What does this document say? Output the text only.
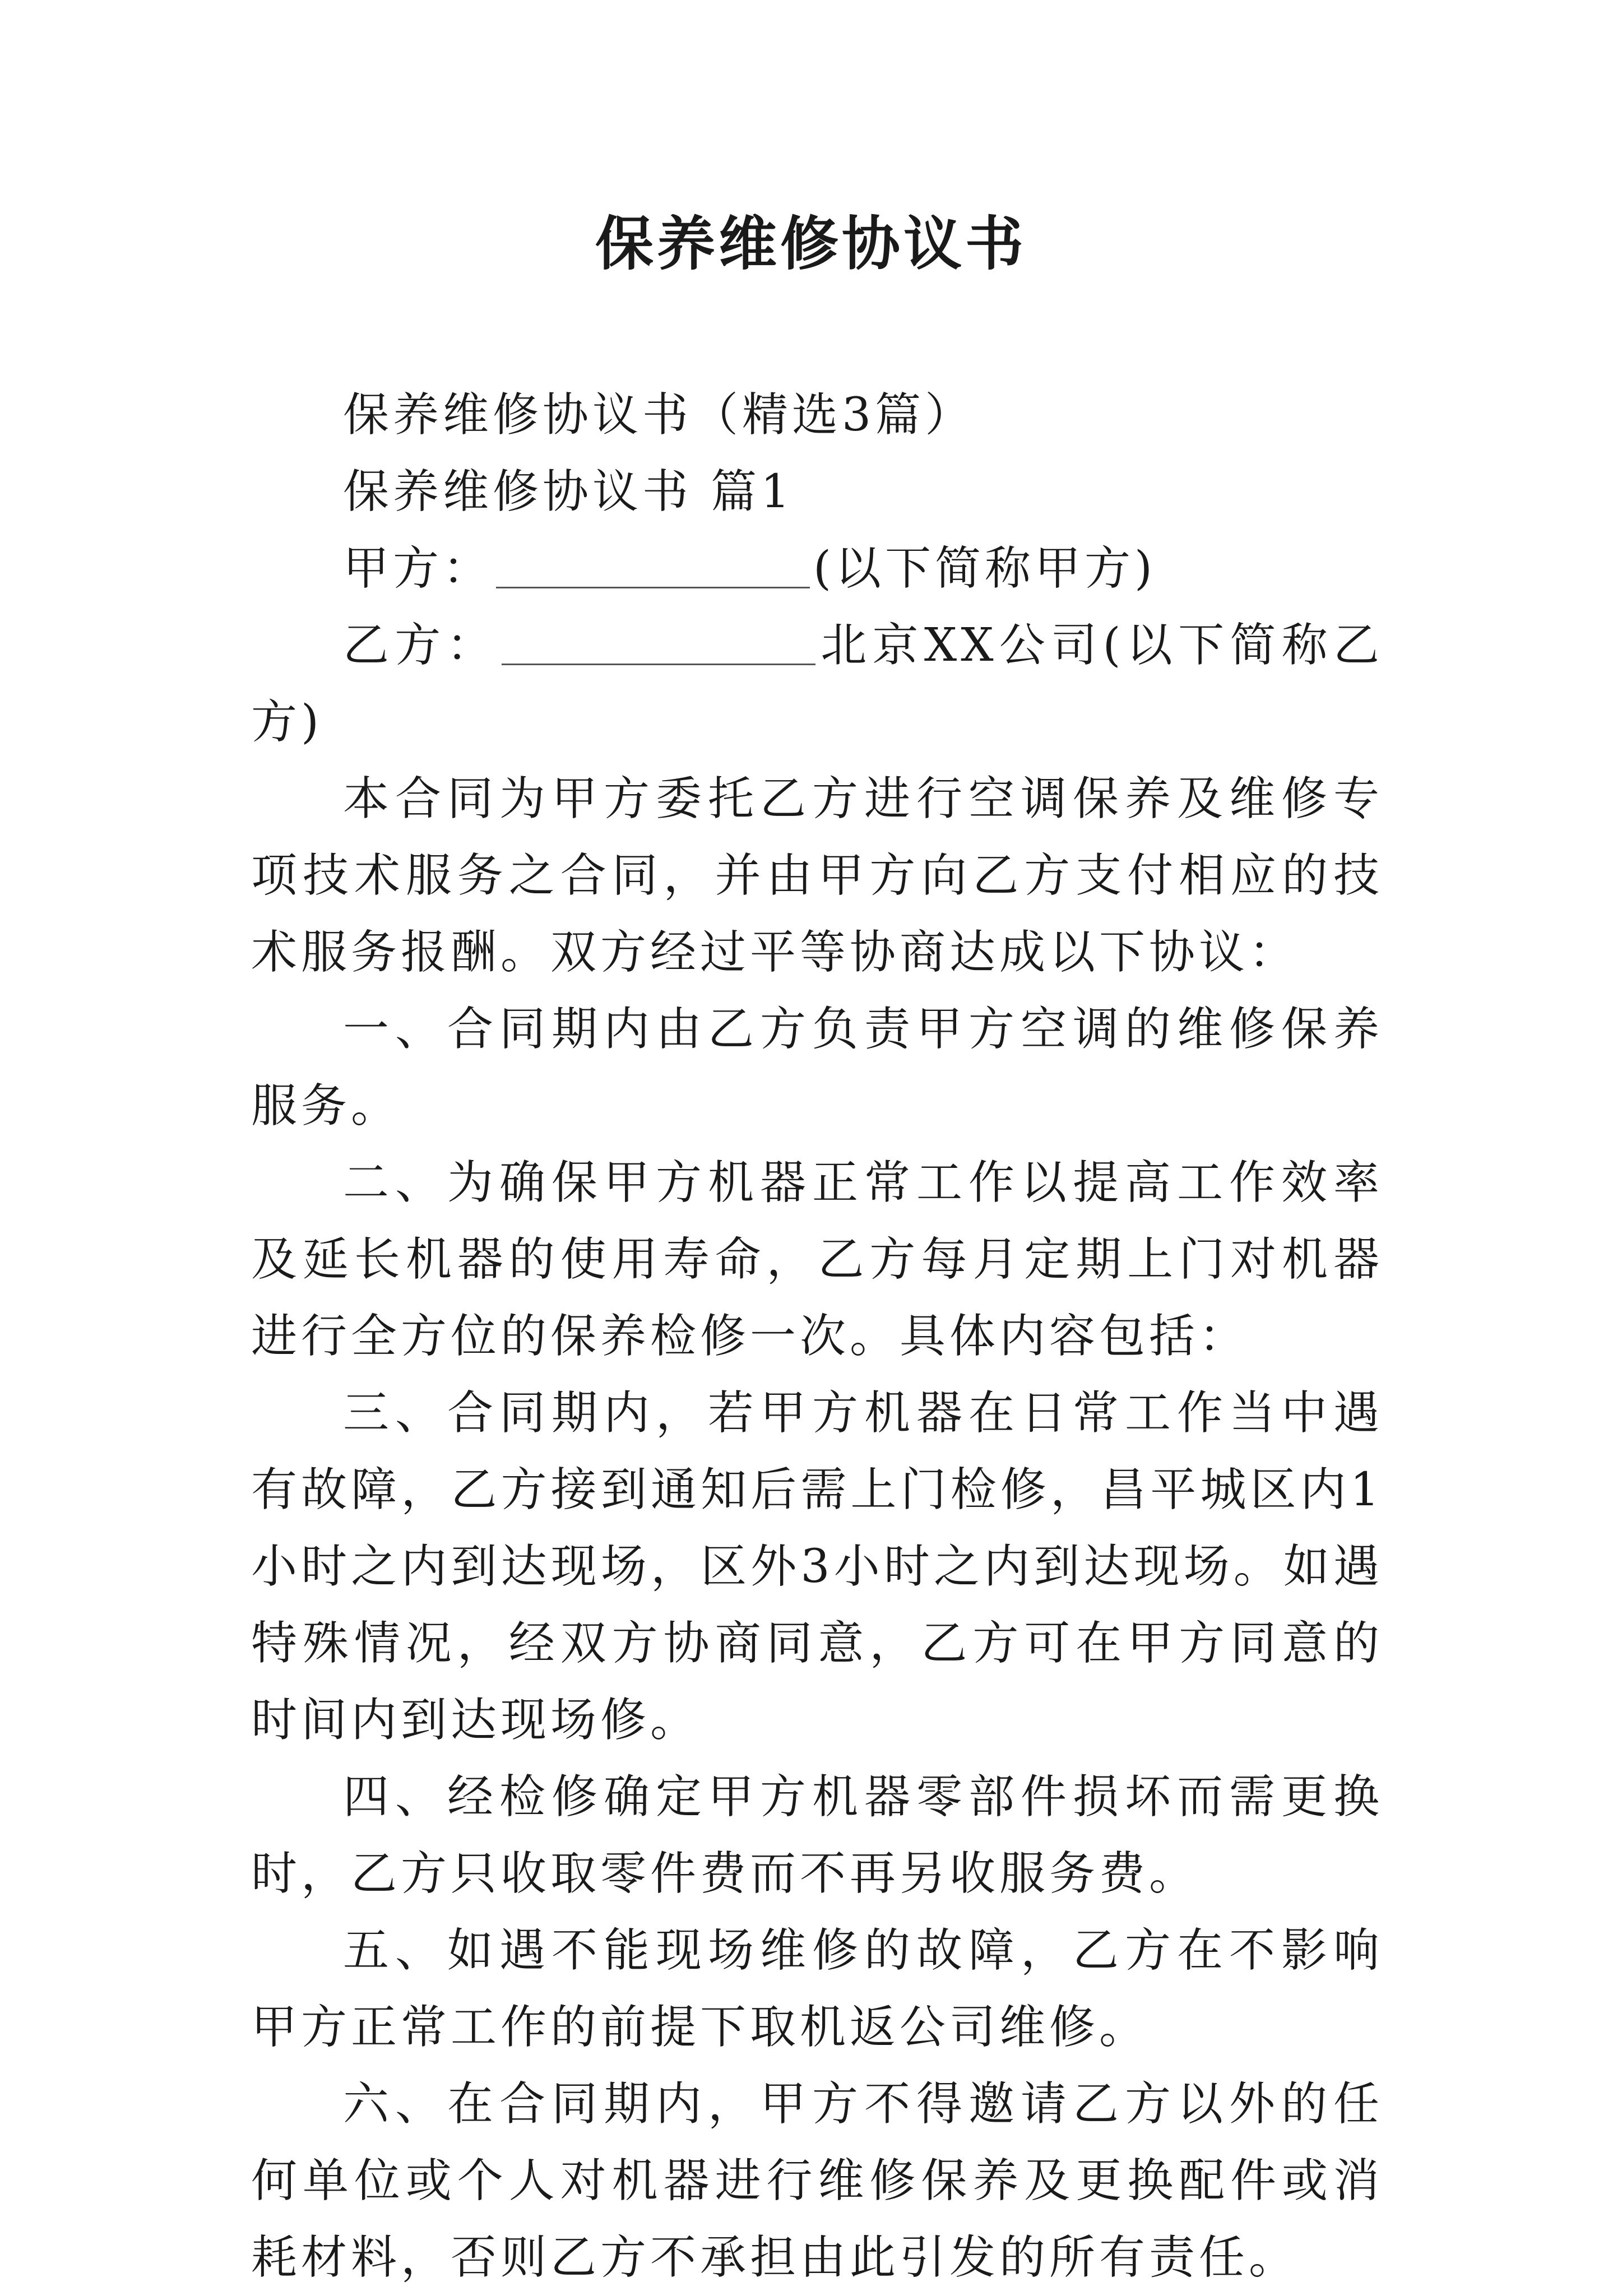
保养维修协议书

保养维修协议书（精选3篇）

保养维修协议书 篇1

甲方：	(以下简称甲方)

乙方：	北京XX公司(以下简称乙方)

本合同为甲方委托乙方进行空调保养及维修专项技术服务之合同，并由甲方向乙方支付相应的技术服务报酬。双方经过平等协商达成以下协议：

一、合同期内由乙方负责甲方空调的维修保养服务。

二、为确保甲方机器正常工作以提高工作效率及延长机器的使用寿命，乙方每月定期上门对机器进行全方位的保养检修一次。具体内容包括：

三、合同期内，若甲方机器在日常工作当中遇有故障，乙方接到通知后需上门检修，昌平城区内1小时之内到达现场，区外3小时之内到达现场。如遇特殊情况，经双方协商同意，乙方可在甲方同意的时间内到达现场修。

四、经检修确定甲方机器零部件损坏而需更换时，乙方只收取零件费而不再另收服务费。

五、如遇不能现场维修的故障，乙方在不影响甲方正常工作的前提下取机返公司维修。

六、在合同期内，甲方不得邀请乙方以外的任何单位或个人对机器进行维修保养及更换配件或消耗材料，否则乙方不承担由此引发的所有责任。
